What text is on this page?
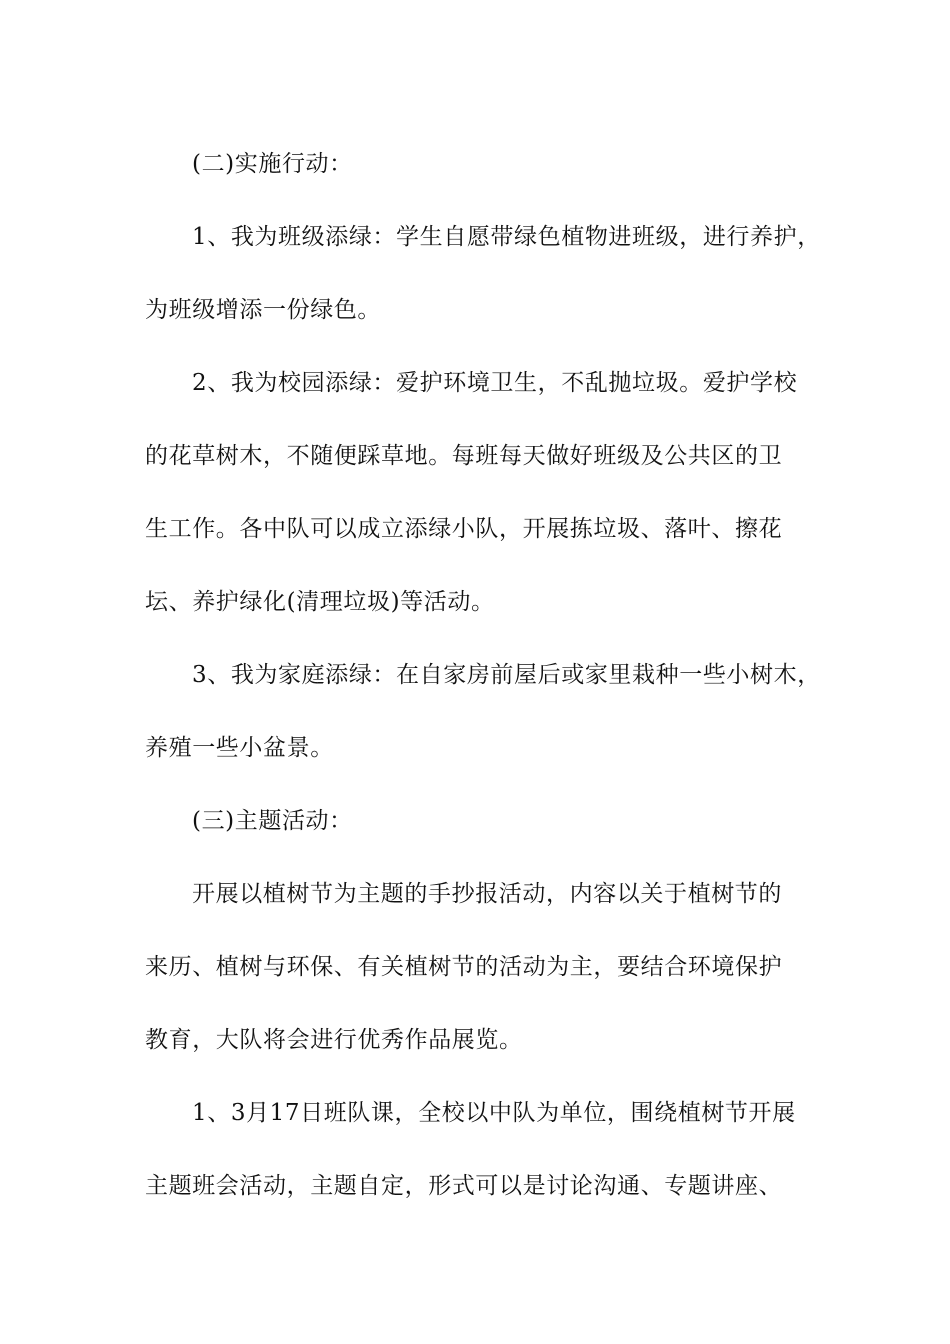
(二)实施行动：
1、我为班级添绿：学生自愿带绿色植物进班级，进行养护，
为班级增添一份绿色。
2、我为校园添绿：爱护环境卫生，不乱抛垃圾。爱护学校
的花草树木，不随便踩草地。每班每天做好班级及公共区的卫
生工作。各中队可以成立添绿小队，开展拣垃圾、落叶、擦花
坛、养护绿化(清理垃圾)等活动。
3、我为家庭添绿：在自家房前屋后或家里栽种一些小树木，
养殖一些小盆景。
(三)主题活动：
开展以植树节为主题的手抄报活动，内容以关于植树节的
来历、植树与环保、有关植树节的活动为主，要结合环境保护
教育，大队将会进行优秀作品展览。
1、3月17日班队课，全校以中队为单位，围绕植树节开展
主题班会活动，主题自定，形式可以是讨论沟通、专题讲座、
